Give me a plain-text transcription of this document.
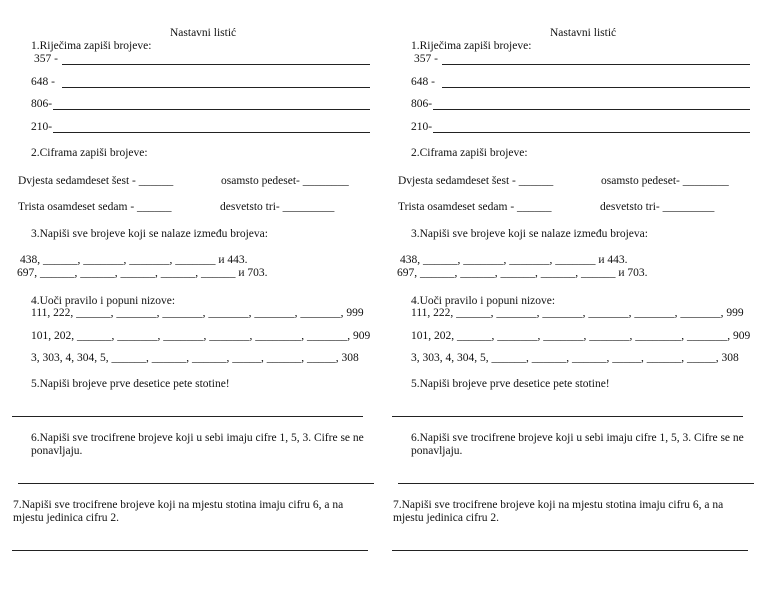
Nastavni listić
1.Riječima zapiši brojeve:
357 -
648 -
806-
210-
2.Ciframa zapiši brojeve:
Dvjesta sedamdeset šest - ______	osamsto pedeset- ________
Trista osamdeset sedam - ______	desvetsto tri- _________
3.Napiši sve brojeve koji se nalaze između brojeva:
438, ______, _______, _______, _______ и 443.
697, ______, ______, ______, ______, ______ и 703.
4.Uoči pravilo i popuni nizove:
111, 222, ______, _______, _______, _______, _______, _______, 999
101, 202, ______, _______, _______, _______, ________, _______, 909
3, 303, 4, 304, 5, ______, ______, ______, _____, ______, _____, 308
5.Napiši brojeve prve desetice pete stotine!
6.Napiši sve trocifrene brojeve koji u sebi imaju cifre 1, 5, 3. Cifre se ne ponavljaju.
7.Napiši sve trocifrene brojeve koji na mjestu stotina imaju cifru 6, a na mjestu jedinica cifru 2.
Nastavni listić
1.Riječima zapiši brojeve:
357 -
648 -
806-
210-
2.Ciframa zapiši brojeve:
Dvjesta sedamdeset šest - ______	osamsto pedeset- ________
Trista osamdeset sedam - ______	desvetsto tri- _________
3.Napiši sve brojeve koji se nalaze između brojeva:
438, ______, _______, _______, _______ и 443.
697, ______, ______, ______, ______, ______ и 703.
4.Uoči pravilo i popuni nizove:
111, 222, ______, _______, _______, _______, _______, _______, 999
101, 202, ______, _______, _______, _______, ________, _______, 909
3, 303, 4, 304, 5, ______, ______, ______, _____, ______, _____, 308
5.Napiši brojeve prve desetice pete stotine!
6.Napiši sve trocifrene brojeve koji u sebi imaju cifre 1, 5, 3. Cifre se ne ponavljaju.
7.Napiši sve trocifrene brojeve koji na mjestu stotina imaju cifru 6, a na mjestu jedinica cifru 2.
